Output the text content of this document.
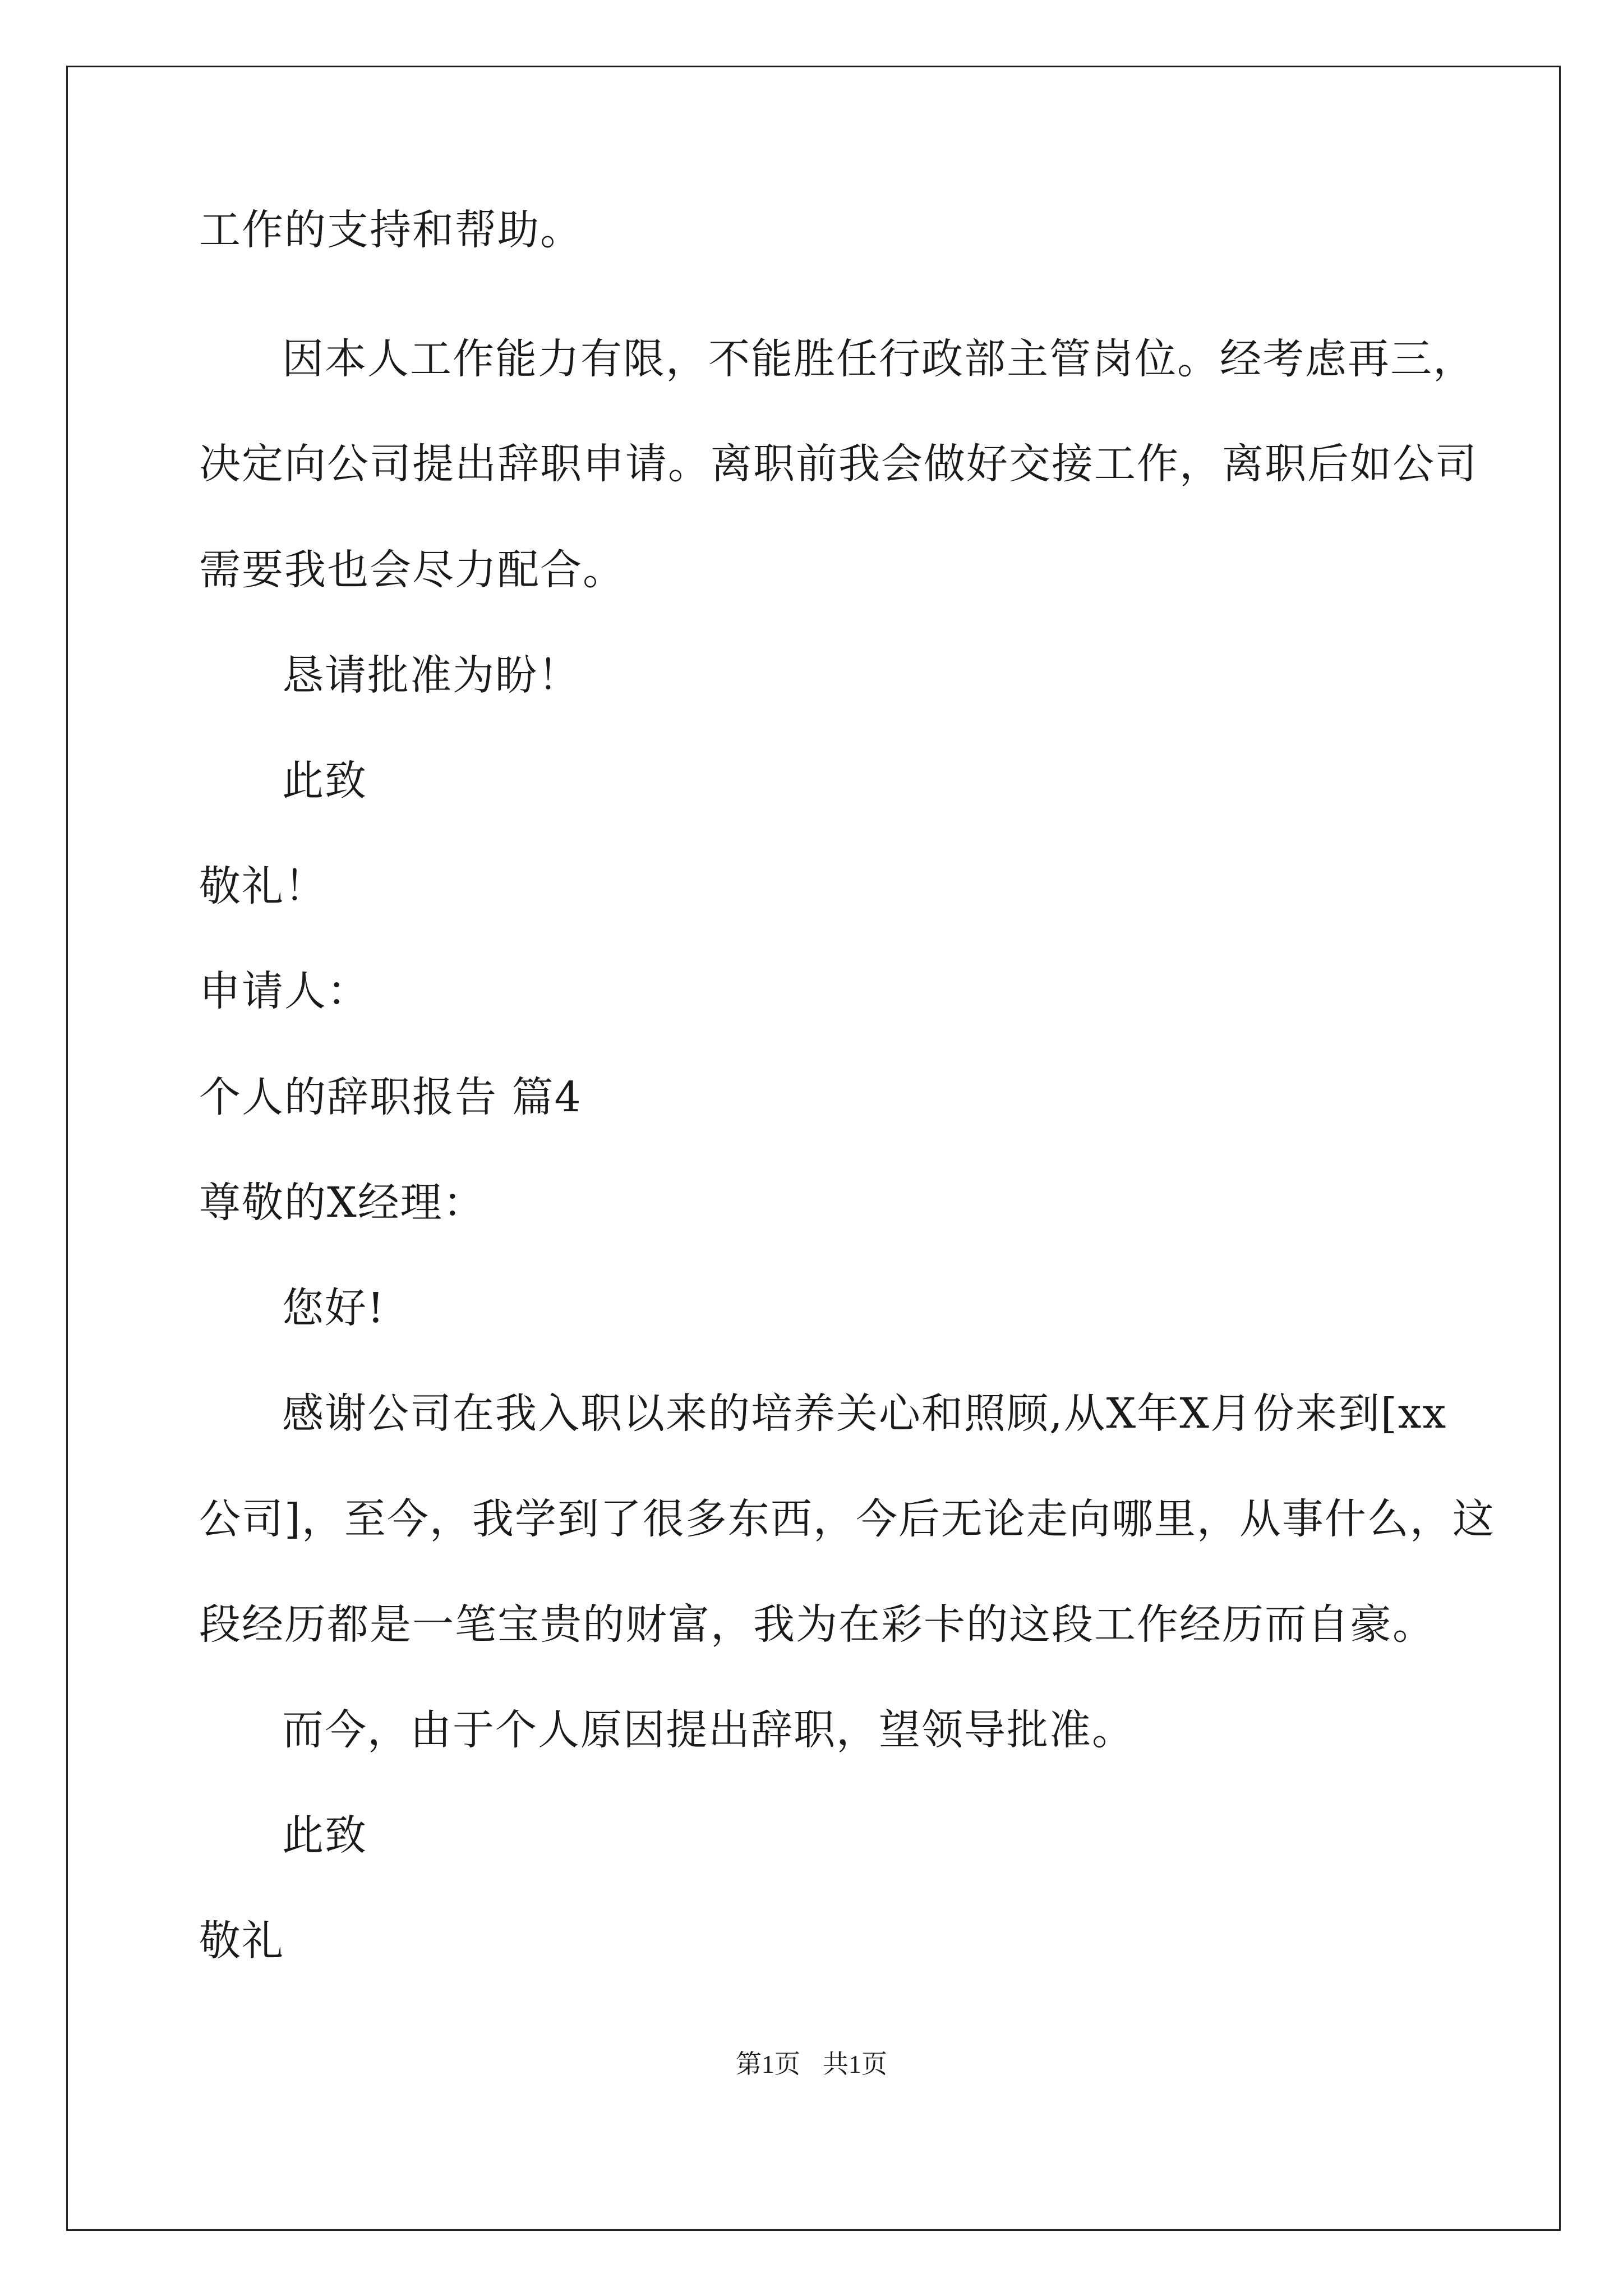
工作的支持和帮助。
因本人工作能力有限，不能胜任行政部主管岗位。经考虑再三，
决定向公司提出辞职申请。离职前我会做好交接工作，离职后如公司
需要我也会尽力配合。
恳请批准为盼！
此致
敬礼！
申请人：
个人的辞职报告 篇4
尊敬的X经理：
您好!
感谢公司在我入职以来的培养关心和照顾,从X年X月份来到[xx
公司]，至今，我学到了很多东西，今后无论走向哪里，从事什么，这
段经历都是一笔宝贵的财富，我为在彩卡的这段工作经历而自豪。
而今，由于个人原因提出辞职，望领导批准。
此致
敬礼
第1页 共1页
